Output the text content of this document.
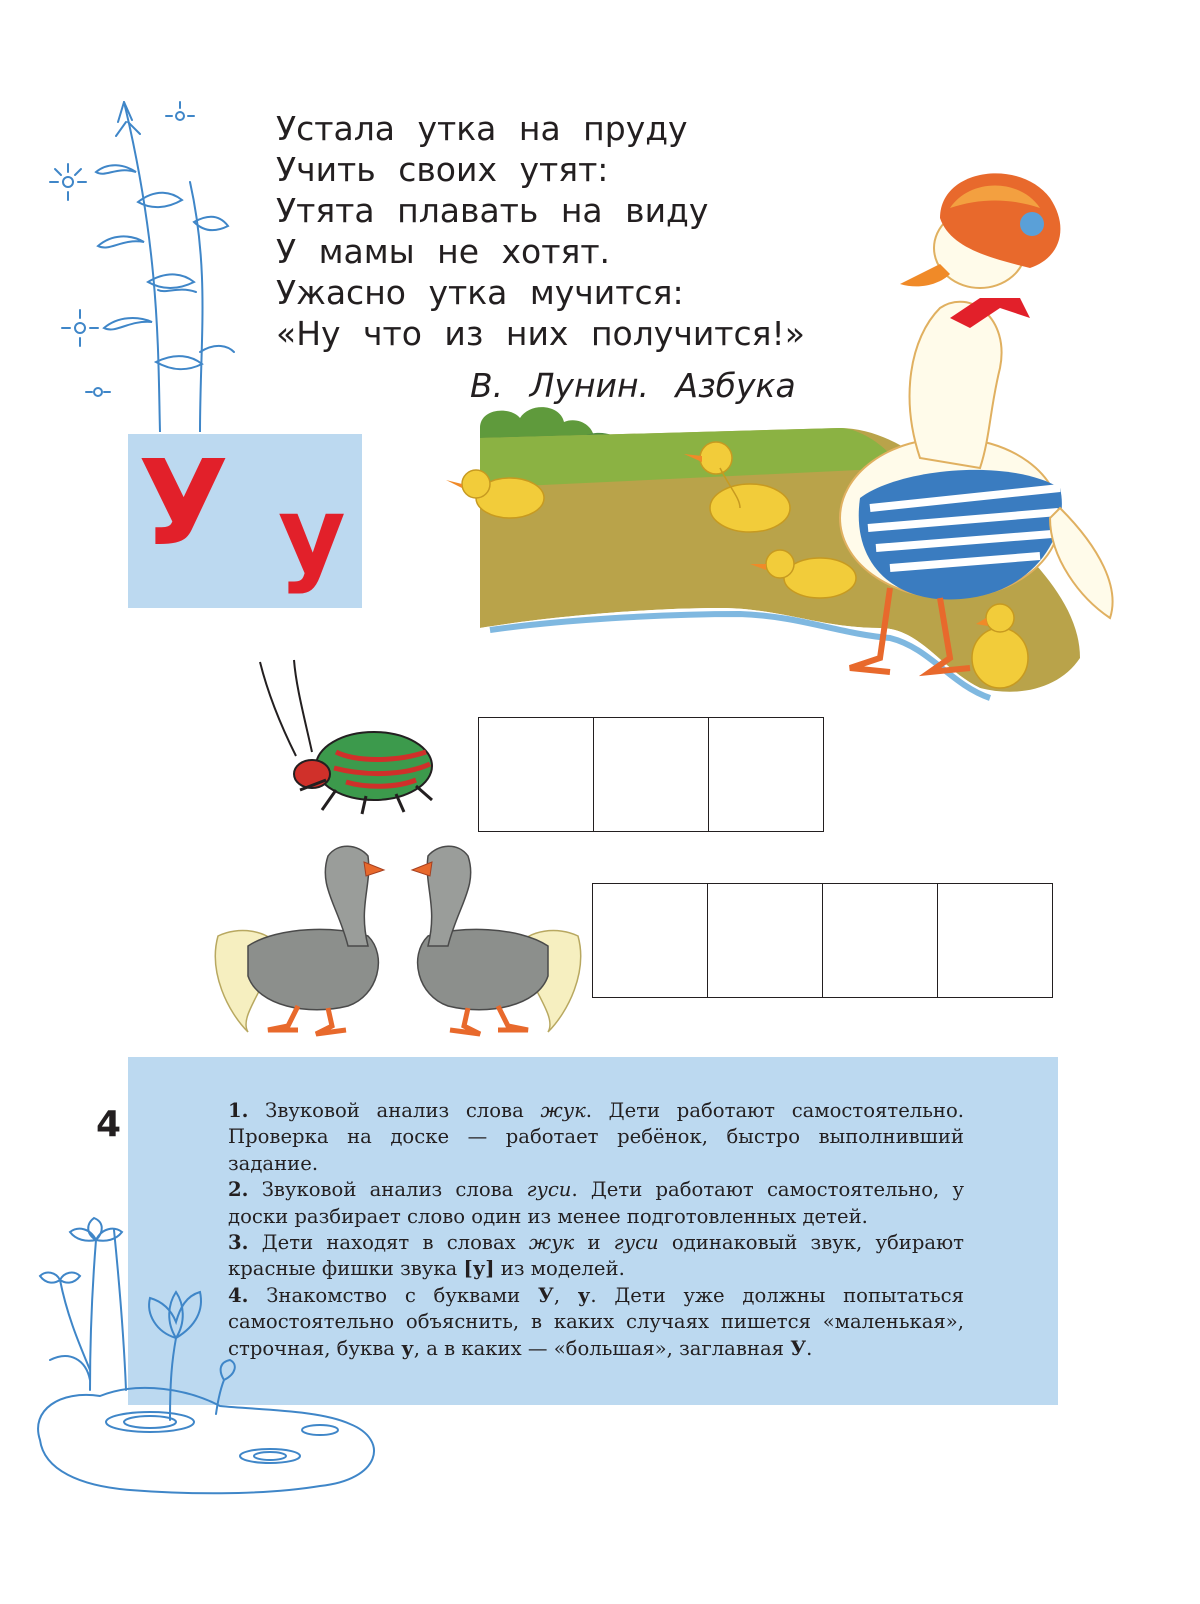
Устала утка на пруду
Учить своих утят:
Утята плавать на виду
У мамы не хотят.
Ужасно утка мучится:
«Ну что из них получится!»
В. Лунин. Азбука
У у
4	1. Звуковой анализ слова жук. Дети работают самостоятельно. Проверка на доске — работает ребёнок, быстро выполнивший задание.

2. Звуковой анализ слова гуси. Дети работают самостоятельно, у доски разбирает слово один из менее подготовленных детей.

3. Дети находят в словах жук и гуси одинаковый звук, убирают красные фишки звука [у] из моделей.

4. Знакомство с буквами У, у. Дети уже должны попытаться самостоятельно объяснить, в каких случаях пишется «маленькая», строчная, буква у, а в каких — «большая», заглавная У.
